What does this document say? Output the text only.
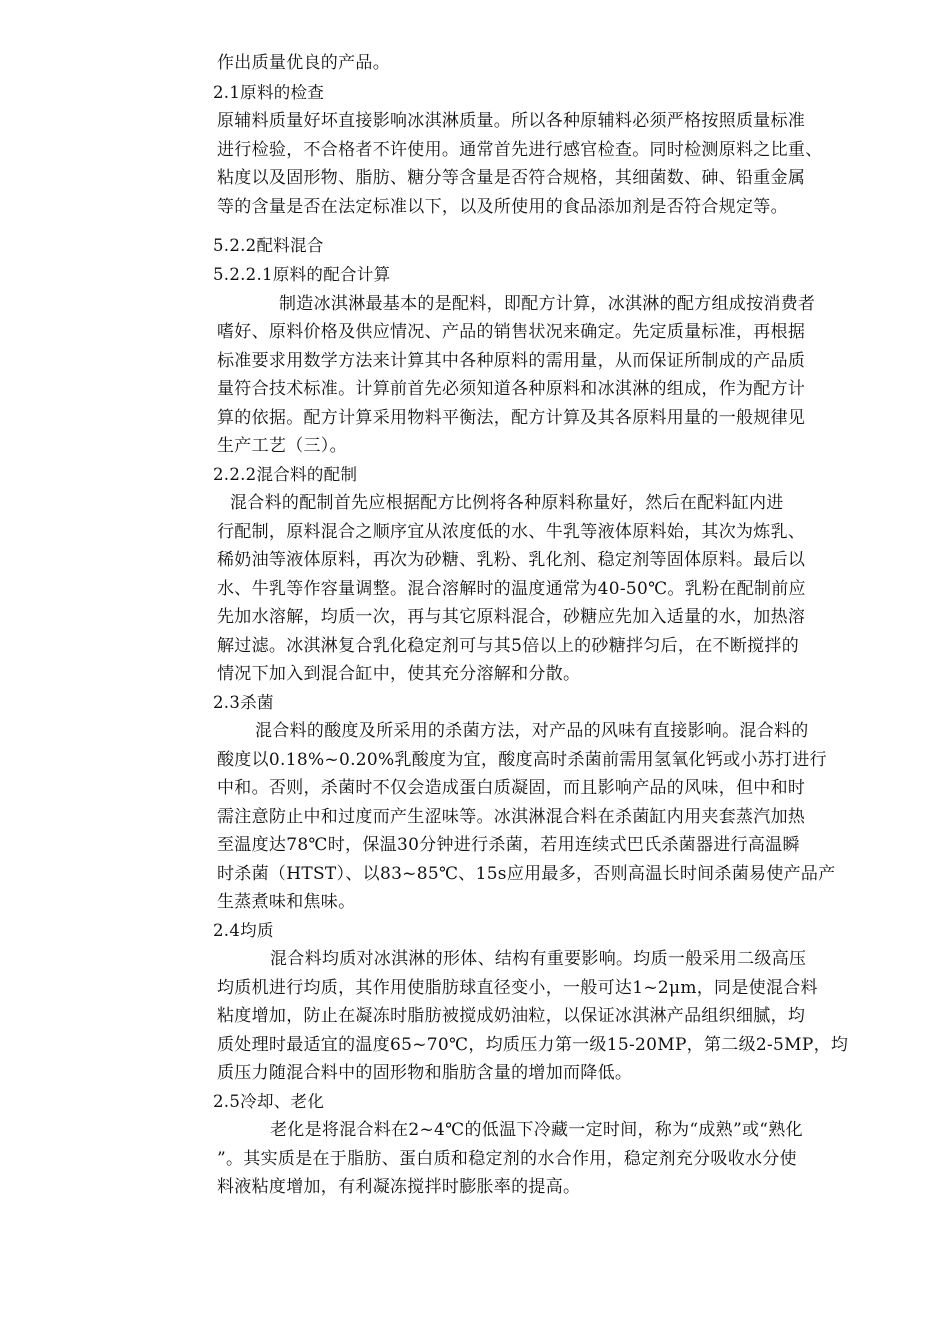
作出质量优良的产品。
2.1原料的检查
原辅料质量好坏直接影响冰淇淋质量。所以各种原辅料必须严格按照质量标准
进行检验，不合格者不许使用。通常首先进行感官检查。同时检测原料之比重、
粘度以及固形物、脂肪、糖分等含量是否符合规格，其细菌数、砷、铅重金属
等的含量是否在法定标准以下，以及所使用的食品添加剂是否符合规定等。
5.2.2配料混合
5.2.2.1原料的配合计算
制造冰淇淋最基本的是配料，即配方计算，冰淇淋的配方组成按消费者
嗜好、原料价格及供应情况、产品的销售状况来确定。先定质量标准，再根据
标准要求用数学方法来计算其中各种原料的需用量，从而保证所制成的产品质
量符合技术标准。计算前首先必须知道各种原料和冰淇淋的组成，作为配方计
算的依据。配方计算采用物料平衡法，配方计算及其各原料用量的一般规律见
生产工艺（三）。
2.2.2混合料的配制
混合料的配制首先应根据配方比例将各种原料称量好，然后在配料缸内进
行配制，原料混合之顺序宜从浓度低的水、牛乳等液体原料始，其次为炼乳、
稀奶油等液体原料，再次为砂糖、乳粉、乳化剂、稳定剂等固体原料。最后以
水、牛乳等作容量调整。混合溶解时的温度通常为40-50℃。乳粉在配制前应
先加水溶解，均质一次，再与其它原料混合，砂糖应先加入适量的水，加热溶
解过滤。冰淇淋复合乳化稳定剂可与其5倍以上的砂糖拌匀后，在不断搅拌的
情况下加入到混合缸中，使其充分溶解和分散。
2.3杀菌
混合料的酸度及所采用的杀菌方法，对产品的风味有直接影响。混合料的
酸度以0.18%~0.20%乳酸度为宜，酸度高时杀菌前需用氢氧化钙或小苏打进行
中和。否则，杀菌时不仅会造成蛋白质凝固，而且影响产品的风味，但中和时
需注意防止中和过度而产生涩味等。冰淇淋混合料在杀菌缸内用夹套蒸汽加热
至温度达78℃时，保温30分钟进行杀菌，若用连续式巴氏杀菌器进行高温瞬
时杀菌（HTST）、以83~85℃、15s应用最多，否则高温长时间杀菌易使产品产
生蒸煮味和焦味。
2.4均质
混合料均质对冰淇淋的形体、结构有重要影响。均质一般采用二级高压
均质机进行均质，其作用使脂肪球直径变小，一般可达1~2μm，同是使混合料
粘度增加，防止在凝冻时脂肪被搅成奶油粒，以保证冰淇淋产品组织细腻，均
质处理时最适宜的温度65~70℃，均质压力第一级15-20MP，第二级2-5MP，均
质压力随混合料中的固形物和脂肪含量的增加而降低。
2.5冷却、老化
老化是将混合料在2~4℃的低温下冷藏一定时间，称为“成熟”或“熟化
”。其实质是在于脂肪、蛋白质和稳定剂的水合作用，稳定剂充分吸收水分使
料液粘度增加，有利凝冻搅拌时膨胀率的提高。
